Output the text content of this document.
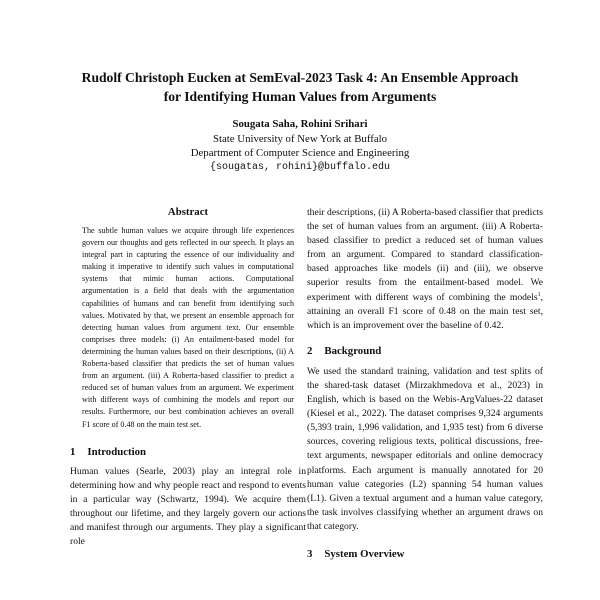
Rudolf Christoph Eucken at SemEval-2023 Task 4: An Ensemble Approach
for Identifying Human Values from Arguments
Sougata Saha, Rohini Srihari
State University of New York at Buffalo
Department of Computer Science and Engineering
{sougatas, rohini}@buffalo.edu
Abstract

The subtle human values we acquire through life experiences govern our thoughts and gets reflected in our speech. It plays an integral part in capturing the essence of our individuality and making it imperative to identify such values in computational systems that mimic human actions. Computational argumentation is a field that deals with the argumentation capabilities of humans and can benefit from identifying such values. Motivated by that, we present an ensemble approach for detecting human values from argument text. Our ensemble comprises three models: (i) An entailment-based model for determining the human values based on their descriptions, (ii) A Roberta-based classifier that predicts the set of human values from an argument. (iii) A Roberta-based classifier to predict a reduced set of human values from an argument. We experiment with different ways of combining the models and report our results. Furthermore, our best combination achieves an overall F1 score of 0.48 on the main test set.

1 Introduction

Human values (Searle, 2003) play an integral role in determining how and why people react and respond to events in a particular way (Schwartz, 1994). We acquire them throughout our lifetime, and they largely govern our actions and manifest through our arguments. They play a significant role

their descriptions, (ii) A Roberta-based classifier that predicts the set of human values from an argument. (iii) A Roberta-based classifier to predict a reduced set of human values from an argument. Compared to standard classification-based approaches like models (ii) and (iii), we observe superior results from the entailment-based model. We experiment with different ways of combining the models$^1$, attaining an overall F1 score of 0.48 on the main test set, which is an improvement over the baseline of 0.42.

2 Background

We used the standard training, validation and test splits of the shared-task dataset (Mirzakhmedova et al., 2023) in English, which is based on the Webis-ArgValues-22 dataset (Kiesel et al., 2022). The dataset comprises 9,324 arguments (5,393 train, 1,996 validation, and 1,935 test) from 6 diverse sources, covering religious texts, political discussions, free-text arguments, newspaper editorials and online democracy platforms. Each argument is manually annotated for 20 human value categories (L2) spanning 54 human values (L1). Given a textual argument and a human value category, the task involves classifying whether an argument draws on that category.

3 System Overview
